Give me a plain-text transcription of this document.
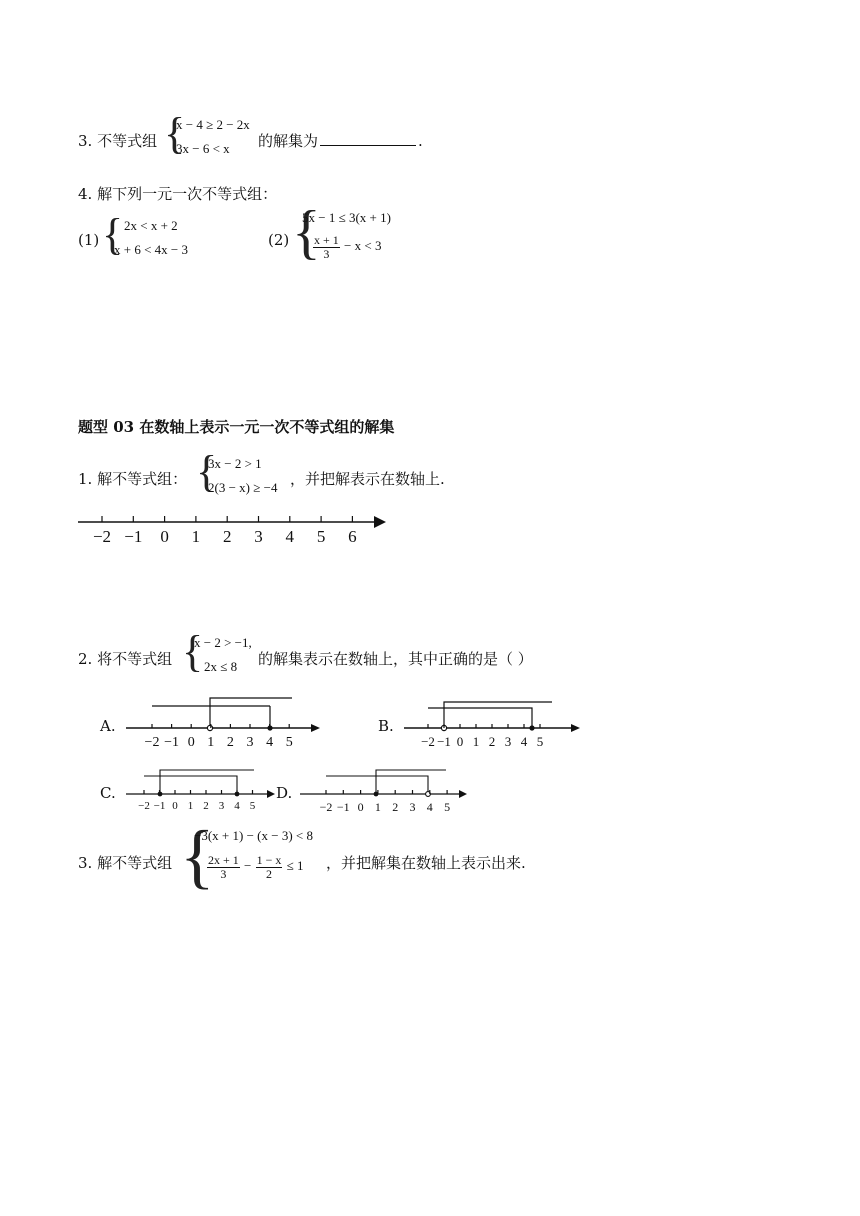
3. 不等式组 {
x − 4 ≥ 2 − 2x
3x − 6 < x 的解集为	.
4. 解下列一元一次不等式组：
(1) { 2x < x + 2
x + 6 < 4x − 3
(2) {
5x − 1 ≤ 3(x + 1)
$\frac{x + 1}{3} - x < 3$
题型 03 在数轴上表示一元一次不等式组的解集
1. 解不等式组： {
3x − 2 > 1
2(3 − x) ≥ −4 ，并把解表示在数轴上.
−2 −1 0 1 2 3 4 5 6
2. 将不等式组 {
x − 2 > −1,
2x ≤ 8 的解集表示在数轴上，其中正确的是（ ）
A.
−2 −1 0 1 2 3 4 5
B.
−2 −1 0 1 2 3 4 5
C.
−2 −1 0 1 2 3 4 5
D.
−2 −1 0 1 2 3 4 5
3. 解不等式组 {
−3(x + 1) − (x − 3) < 8
$\frac{2x + 1}{3} - \frac{1 - x}{2} \le 1$ ，并把解集在数轴上表示出来.
